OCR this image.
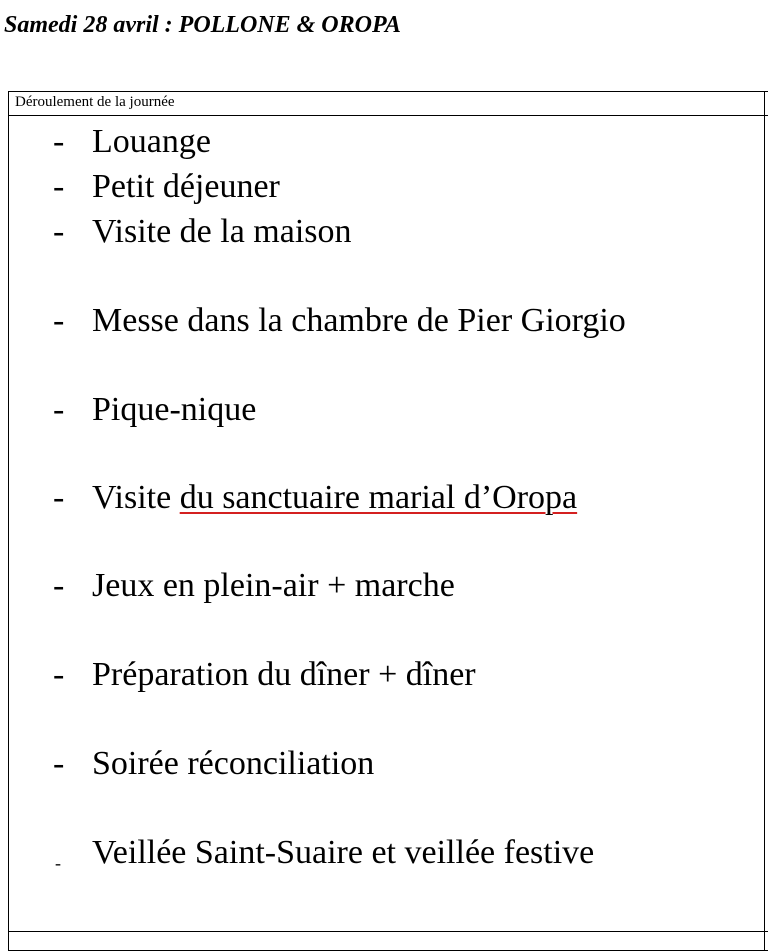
Samedi 28 avril : POLLONE & OROPA
Déroulement de la journée
- Louange
- Petit déjeuner
- Visite de la maison
- Messe dans la chambre de Pier Giorgio
- Pique-nique
- Visite du sanctuaire marial d’Oropa
- Jeux en plein-air + marche
- Préparation du dîner + dîner
- Soirée réconciliation
- Veillée Saint-Suaire et veillée festive
